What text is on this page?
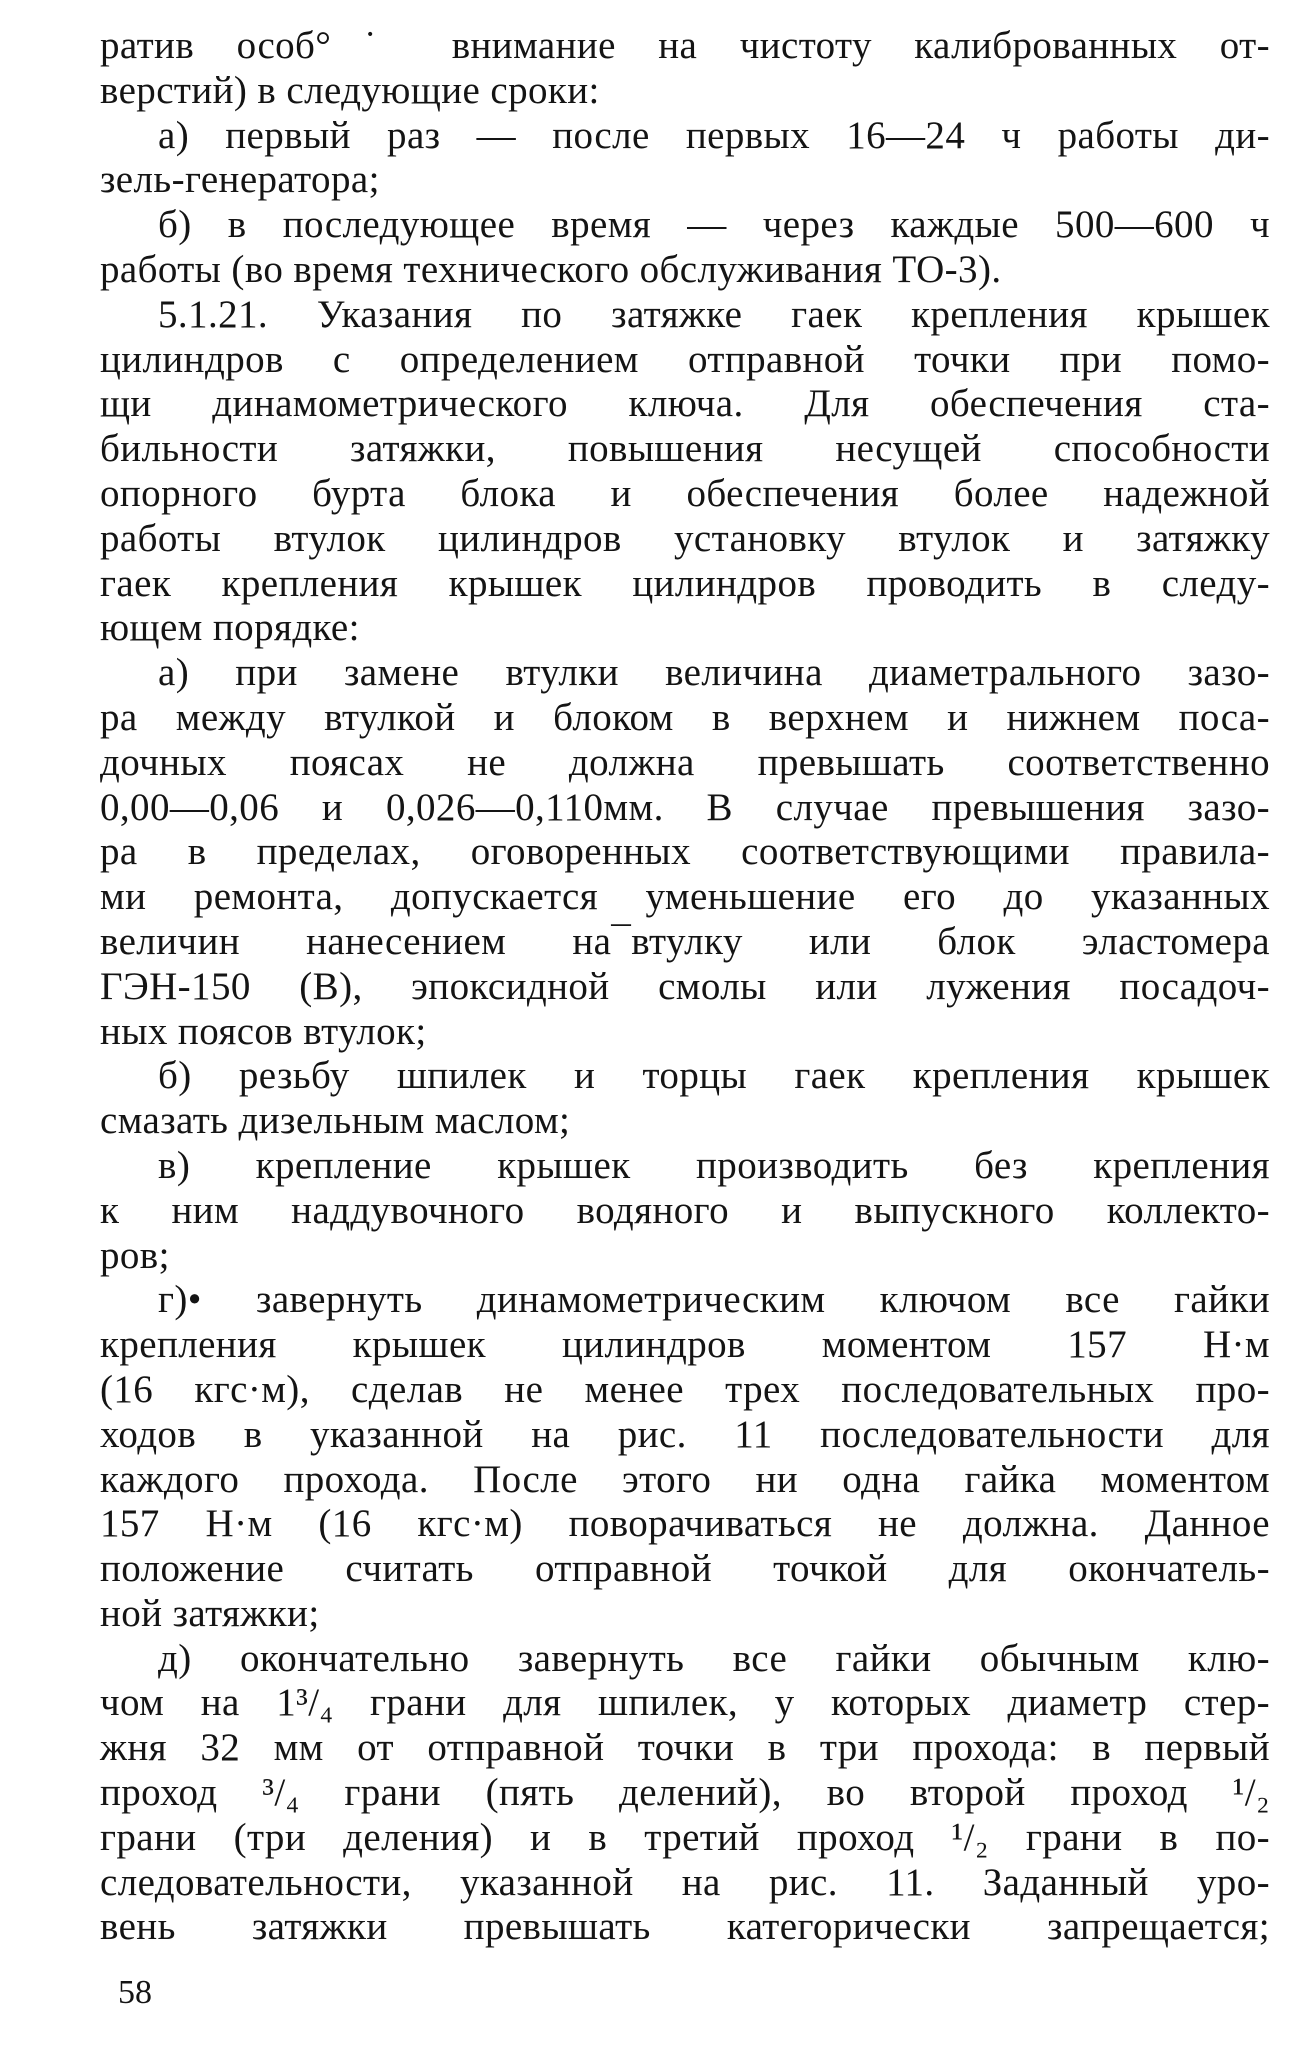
ратив особ°˙ внимание на чистоту калиброванных от-
верстий) в следующие сроки:
а) первый раз — после первых 16—24 ч работы ди-
зель-генератора;
б) в последующее время — через каждые 500—600 ч
работы (во время технического обслуживания ТО-3).
5.1.21. Указания по затяжке гаек крепления крышек
цилиндров с определением отправной точки при помо-
щи динамометрического ключа. Для обеспечения ста-
бильности затяжки, повышения несущей способности
опорного бурта блока и обеспечения более надежной
работы втулок цилиндров установку втулок и затяжку
гаек крепления крышек цилиндров проводить в следу-
ющем порядке:
а) при замене втулки величина диаметрального зазо-
ра между втулкой и блоком в верхнем и нижнем поса-
дочных поясах не должна превышать соответственно
0,00—0,06 и 0,026—0,110мм. В случае превышения зазо-
ра в пределах, оговоренных соответствующими правила-
ми ремонта, допускается уменьшение его до указанных
величин нанесением на¯втулку или блок эластомера
ГЭН-150 (В), эпоксидной смолы или лужения посадоч-
ных поясов втулок;
б) резьбу шпилек и торцы гаек крепления крышек
смазать дизельным маслом;
в) крепление крышек производить без крепления
к ним наддувочного водяного и выпускного коллекто-
ров;
г)• завернуть динамометрическим ключом все гайки
крепления крышек цилиндров моментом 157 Н·м
(16 кгс·м), сделав не менее трех последовательных про-
ходов в указанной на рис. 11 последовательности для
каждого прохода. После этого ни одна гайка моментом
157 Н·м (16 кгс·м) поворачиваться не должна. Данное
положение считать отправной точкой для окончатель-
ной затяжки;
д) окончательно завернуть все гайки обычным клю-
чом на 1³/₄ грани для шпилек, у которых диаметр стер-
жня 32 мм от отправной точки в три прохода: в первый
проход ³/₄ грани (пять делений), во второй проход ¹/₂
грани (три деления) и в третий проход ¹/₂ грани в по-
следовательности, указанной на рис. 11. Заданный уро-
вень затяжки превышать категорически запрещается;
58
